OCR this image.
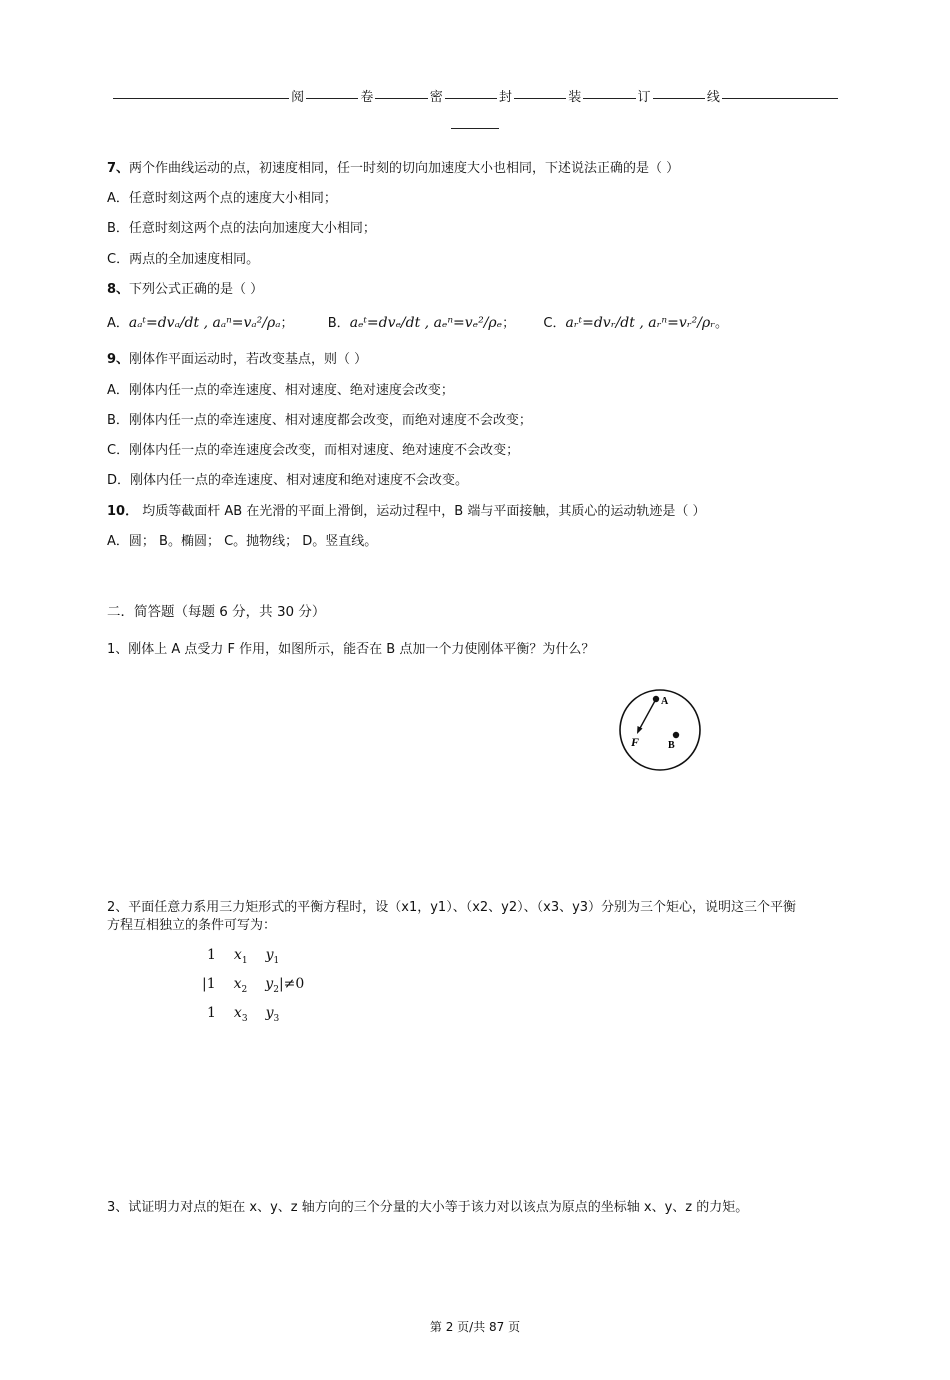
阅	卷	密	封	装	订	线
7、两个作曲线运动的点，初速度相同，任一时刻的切向加速度大小也相同，下述说法正确的是（ ）
A．任意时刻这两个点的速度大小相同；
B．任意时刻这两个点的法向加速度大小相同；
C．两点的全加速度相同。
8、下列公式正确的是（ ）
A．aₐᵗ=dvₐ/dt , aₐⁿ=vₐ²/ρₐ；	B．aₑᵗ=dvₑ/dt , aₑⁿ=vₑ²/ρₑ； C．aᵣᵗ=dvᵣ/dt , aᵣⁿ=vᵣ²/ρᵣ。
9、刚体作平面运动时，若改变基点，则（ ）
A．刚体内任一点的牵连速度、相对速度、绝对速度会改变；
B．刚体内任一点的牵连速度、相对速度都会改变，而绝对速度不会改变；
C．刚体内任一点的牵连速度会改变，而相对速度、绝对速度不会改变；
D．刚体内任一点的牵连速度、相对速度和绝对速度不会改变。
10． 均质等截面杆 AB 在光滑的平面上滑倒，运动过程中，B 端与平面接触，其质心的运动轨迹是（ ）
A．圆； B。椭圆； C。抛物线； D。竖直线。
二．简答题（每题 6 分，共 30 分）
1、刚体上 A 点受力 F 作用，如图所示，能否在 B 点加一个力使刚体平衡？为什么？
A
B
F
2、平面任意力系用三力矩形式的平衡方程时，设（x1，y1）、（x2、y2）、（x3、y3）分别为三个矩心，说明这三个平衡
方程互相独立的条件可写为：
1 $x_1$ $y_1$
|1 $x_2$ $y_2|\ne 0$
1 $x_3$ $y_3$
3、试证明力对点的矩在 x、y、z 轴方向的三个分量的大小等于该力对以该点为原点的坐标轴 x、y、z 的力矩。
第 2 页/共 87 页
